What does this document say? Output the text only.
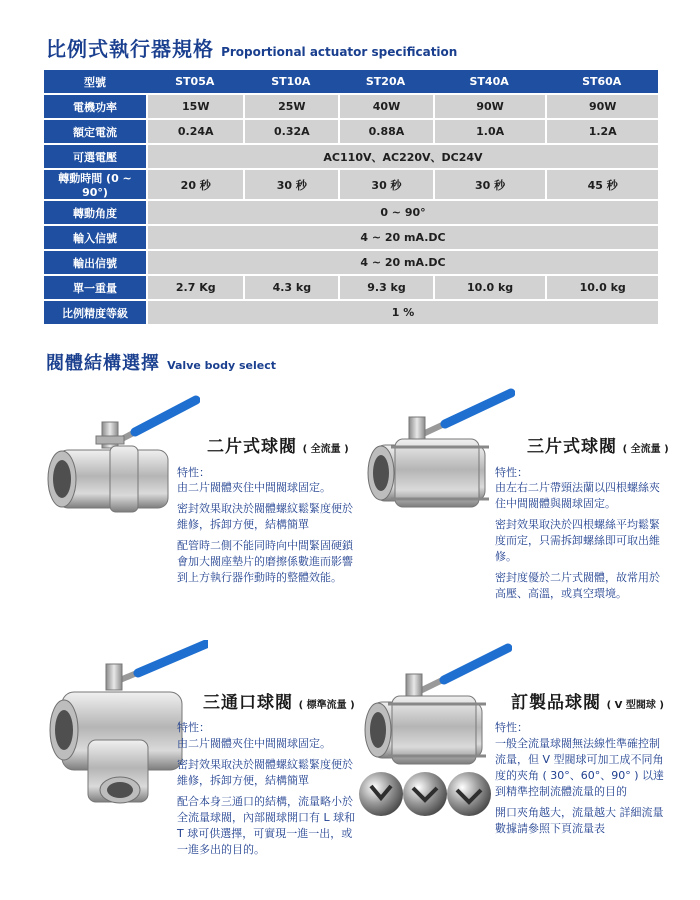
比例式執行器規格 Proportional actuator specification
型號	ST05A	ST10A	ST20A	ST40A	ST60A
電機功率	15W	25W	40W	90W	90W
額定電流	0.24A	0.32A	0.88A	1.0A	1.2A
可選電壓	AC110V、AC220V、DC24V				
轉動時間 (0 ~ 90°)	20 秒	30 秒	30 秒	30 秒	45 秒
轉動角度	0 ~ 90°				
輸入信號	4 ~ 20 mA.DC				
輸出信號	4 ~ 20 mA.DC				
單一重量	2.7 Kg	4.3 kg	9.3 kg	10.0 kg	10.0 kg
比例精度等級	1 %				
閥體結構選擇 Valve body select
二片式球閥 ( 全流量 )
特性：

由二片閥體夾住中間閥球固定。

密封效果取決於閥體螺紋鬆緊度便於維修，拆卸方便，結構簡單

配管時二側不能同時向中間緊固硬鎖會加大閥座墊片的磨擦係數進而影響到上方執行器作動時的整體效能。

三片式球閥 ( 全流量 )
特性：

由左右二片帶頸法蘭以四根螺絲夾住中間閥體與閥球固定。

密封效果取決於四根螺絲平均鬆緊度而定，只需拆卸螺絲即可取出維修。

密封度優於二片式閥體，故常用於高壓、高溫，或真空環境。

三通口球閥 ( 標準流量 )
特性：

由二片閥體夾住中間閥球固定。

密封效果取決於閥體螺紋鬆緊度便於維修，拆卸方便，結構簡單

配合本身三通口的結構，流量略小於全流量球閥，內部閥球開口有 L 球和 T 球可供選擇，可實現一進一出，或一進多出的目的。

訂製品球閥 ( V 型閥球 )
特性：

一般全流量球閥無法線性準確控制流量，但 V 型閥球可加工成不同角度的夾角 ( 30°、60°、90° ) 以達到精準控制流體流量的目的

開口夾角越大，流量越大 詳細流量數據請參照下頁流量表
